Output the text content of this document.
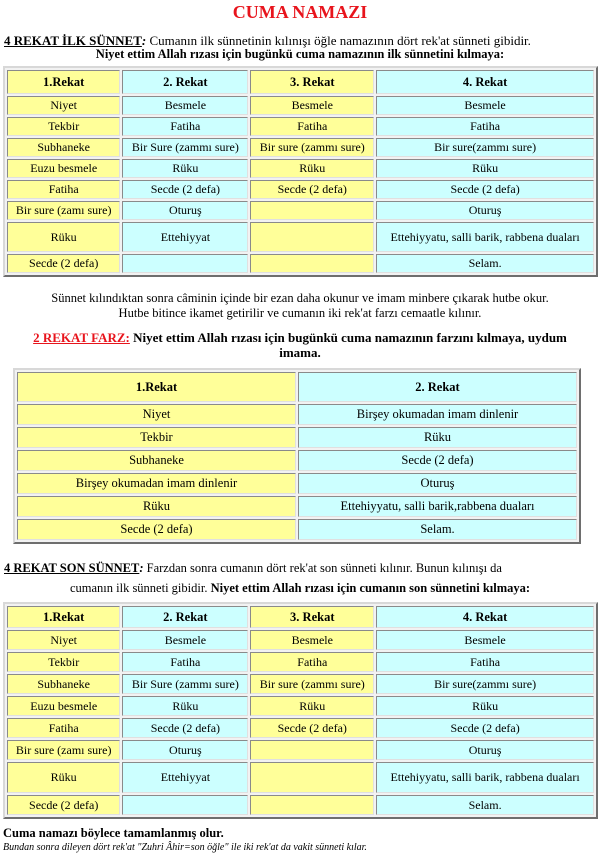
CUMA NAMAZI
4 REKAT İLK SÜNNET: Cumanın ilk sünnetinin kılınışı öğle namazının dört rek'at sünneti gibidir.
Niyet ettim Allah rızası için bugünkü cuma namazının ilk sünnetini kılmaya:
1.Rekat	2. Rekat	3. Rekat	4. Rekat
Niyet	Besmele	Besmele	Besmele
Tekbir	Fatiha	Fatiha	Fatiha
Subhaneke	Bir Sure (zammı sure)	Bir sure (zammı sure)	Bir sure(zammı sure)
Euzu besmele	Rüku	Rüku	Rüku
Fatiha	Secde (2 defa)	Secde (2 defa)	Secde (2 defa)
Bir sure (zamı sure)	Oturuş		Oturuş
Rüku	Ettehiyyat		Ettehiyyatu, salli barik, rabbena duaları
Secde (2 defa)			Selam.
Sünnet kılındıktan sonra câminin içinde bir ezan daha okunur ve imam minbere çıkarak hutbe okur.
Hutbe bitince ikamet getirilir ve cumanın iki rek'at farzı cemaatle kılınır.
2 REKAT FARZ: Niyet ettim Allah rızası için bugünkü cuma namazının farzını kılmaya, uydum imama.
1.Rekat	2. Rekat
Niyet	Birşey okumadan imam dinlenir
Tekbir	Rüku
Subhaneke	Secde (2 defa)
Birşey okumadan imam dinlenir	Oturuş
Rüku	Ettehiyyatu, salli barik,rabbena duaları
Secde (2 defa)	Selam.
4 REKAT SON SÜNNET: Farzdan sonra cumanın dört rek'at son sünneti kılınır. Bunun kılınışı da
cumanın ilk sünneti gibidir. Niyet ettim Allah rızası için cumanın son sünnetini kılmaya:
1.Rekat	2. Rekat	3. Rekat	4. Rekat
Niyet	Besmele	Besmele	Besmele
Tekbir	Fatiha	Fatiha	Fatiha
Subhaneke	Bir Sure (zammı sure)	Bir sure (zammı sure)	Bir sure(zammı sure)
Euzu besmele	Rüku	Rüku	Rüku
Fatiha	Secde (2 defa)	Secde (2 defa)	Secde (2 defa)
Bir sure (zamı sure)	Oturuş		Oturuş
Rüku	Ettehiyyat		Ettehiyyatu, salli barik, rabbena duaları
Secde (2 defa)			Selam.
Cuma namazı böylece tamamlanmış olur.
Bundan sonra dileyen dört rek'at "Zuhri Âhir=son öğle" ile iki rek'at da vakit sünneti kılar.
